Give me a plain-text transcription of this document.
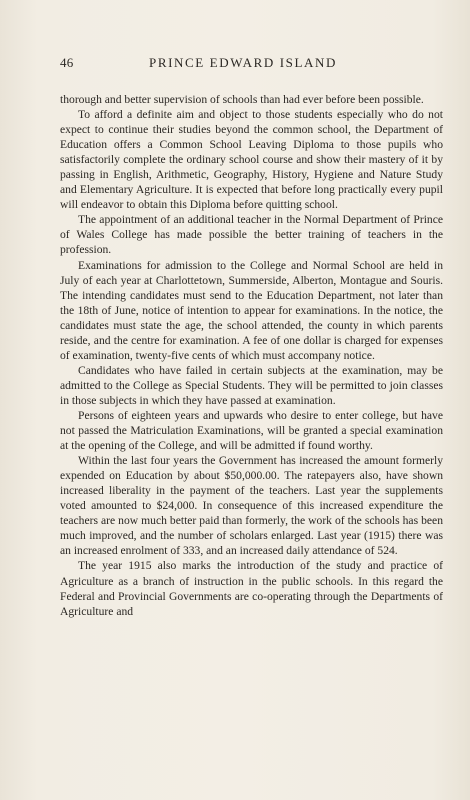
46	PRINCE EDWARD ISLAND

thorough and better supervision of schools than had ever before been possible.

To afford a definite aim and object to those students especially who do not expect to continue their studies beyond the common school, the Department of Education offers a Common School Leaving Diploma to those pupils who satisfactorily complete the ordinary school course and show their mastery of it by passing in English, Arithmetic, Geography, History, Hygiene and Nature Study and Elementary Agriculture. It is expected that before long practically every pupil will endeavor to obtain this Diploma before quitting school.

The appointment of an additional teacher in the Normal Department of Prince of Wales College has made possible the better training of teachers in the profession.

Examinations for admission to the College and Normal School are held in July of each year at Charlottetown, Summerside, Alberton, Montague and Souris. The intending candidates must send to the Education Department, not later than the 18th of June, notice of intention to appear for examinations. In the notice, the candidates must state the age, the school attended, the county in which parents reside, and the centre for examination. A fee of one dollar is charged for expenses of examination, twenty-five cents of which must accompany notice.

Candidates who have failed in certain subjects at the examination, may be admitted to the College as Special Students. They will be permitted to join classes in those subjects in which they have passed at examination.

Persons of eighteen years and upwards who desire to enter college, but have not passed the Matriculation Examinations, will be granted a special examination at the opening of the College, and will be admitted if found worthy.

Within the last four years the Government has increased the amount formerly expended on Education by about $50,000.00. The ratepayers also, have shown increased liberality in the payment of the teachers. Last year the supplements voted amounted to $24,000. In consequence of this increased expenditure the teachers are now much better paid than formerly, the work of the schools has been much improved, and the number of scholars enlarged. Last year (1915) there was an increased enrolment of 333, and an increased daily attendance of 524.

The year 1915 also marks the introduction of the study and practice of Agriculture as a branch of instruction in the public schools. In this regard the Federal and Provincial Governments are co-operating through the Departments of Agriculture and
